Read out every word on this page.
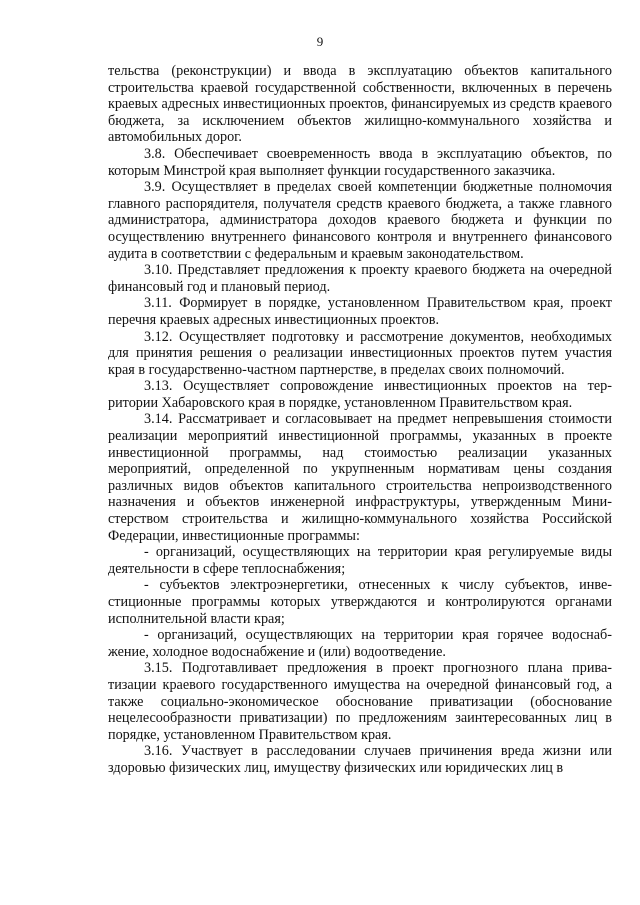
9

тельства (реконструкции) и ввода в эксплуатацию объектов капитального строительства краевой государственной собственности, включенных в перечень краевых адресных инвестиционных проектов, финансируемых из средств краевого бюджета, за исключением объектов жилищно-коммунального хозяйства и автомобильных дорог.

3.8. Обеспечивает своевременность ввода в эксплуатацию объектов, по которым Минстрой края выполняет функции государственного заказчика.

3.9. Осуществляет в пределах своей компетенции бюджетные полномочия главного распорядителя, получателя средств краевого бюджета, а также главного администратора, администратора доходов краевого бюджета и функции по осуществлению внутреннего финансового контроля и внутреннего финансового аудита в соответствии с федеральным и краевым законодательством.

3.10. Представляет предложения к проекту краевого бюджета на очередной финансовый год и плановый период.

3.11. Формирует в порядке, установленном Правительством края, проект перечня краевых адресных инвестиционных проектов.

3.12. Осуществляет подготовку и рассмотрение документов, необходимых для принятия решения о реализации инвестиционных проектов путем участия края в государственно-частном партнерстве, в пределах своих полномочий.

3.13. Осуществляет сопровождение инвестиционных проектов на территории Хабаровского края в порядке, установленном Правительством края.

3.14. Рассматривает и согласовывает на предмет непревышения стоимости реализации мероприятий инвестиционной программы, указанных в проекте инвестиционной программы, над стоимостью реализации указанных мероприятий, определенной по укрупненным нормативам цены создания различных видов объектов капитального строительства непроизводственного назначения и объектов инженерной инфраструктуры, утвержденным Министерством строительства и жилищно-коммунального хозяйства Российской Федерации, инвестиционные программы:

- организаций, осуществляющих на территории края регулируемые виды деятельности в сфере теплоснабжения;

- субъектов электроэнергетики, отнесенных к числу субъектов, инвестиционные программы которых утверждаются и контролируются органами исполнительной власти края;

- организаций, осуществляющих на территории края горячее водоснабжение, холодное водоснабжение и (или) водоотведение.

3.15. Подготавливает предложения в проект прогнозного плана приватизации краевого государственного имущества на очередной финансовый год, а также социально-экономическое обоснование приватизации (обоснование нецелесообразности приватизации) по предложениям заинтересованных лиц в порядке, установленном Правительством края.

3.16. Участвует в расследовании случаев причинения вреда жизни или здоровью физических лиц, имуществу физических или юридических лиц в
